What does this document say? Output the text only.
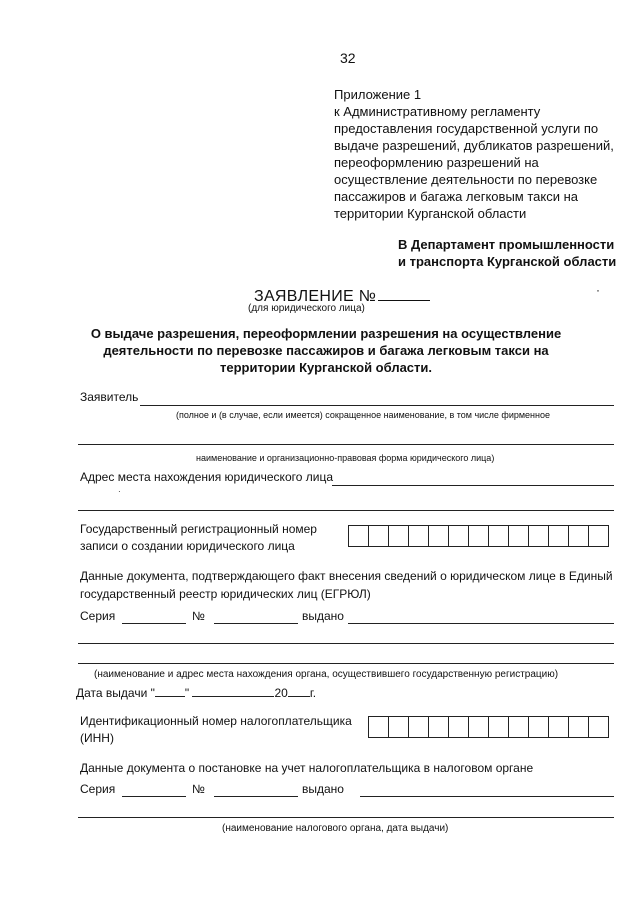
32
Приложение 1
к Административному регламенту
предоставления государственной услуги по
выдаче разрешений, дубликатов разрешений,
переоформлению разрешений на
осуществление деятельности по перевозке
пассажиров и багажа легковым такси на
территории Курганской области
В Департамент промышленности
и транспорта Курганской области
ЗАЯВЛЕНИЕ №	·
(для юридического лица)
О выдаче разрешения, переоформлении разрешения на осуществление деятельности по перевозке пассажиров и багажа легковым такси на территории Курганской области.
Заявитель
(полное и (в случае, если имеется) сокращенное наименование, в том числе фирменное
наименование и организационно-правовая форма юридического лица)
Адрес места нахождения юридического лица
·
Государственный регистрационный номер
записи о создании юридического лица
Данные документа, подтверждающего факт внесения сведений о юридическом лице в Единый
государственный реестр юридических лиц (ЕГРЮЛ)
Серия	№	выдано
(наименование и адрес места нахождения органа, осуществившего государственную регистрацию)
Дата выдачи "	"	20 г.
Идентификационный номер налогоплательщика
(ИНН)
Данные документа о постановке на учет налогоплательщика в налоговом органе
Серия	№	выдано
(наименование налогового органа, дата выдачи)
